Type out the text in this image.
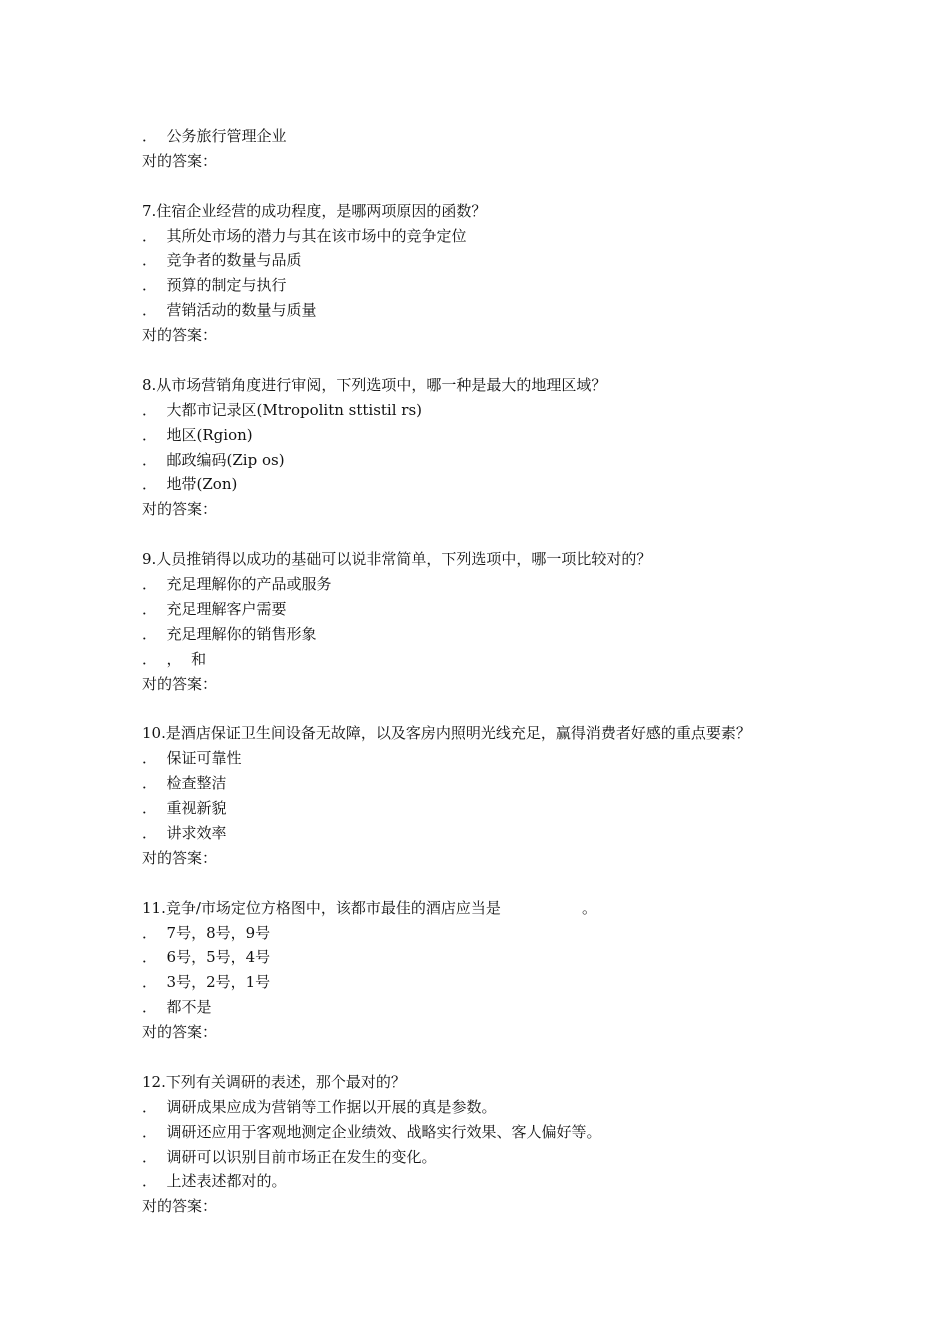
．  公务旅行管理企业
对的答案：
7.住宿企业经营的成功程度，是哪两项原因的函数？
．  其所处市场的潜力与其在该市场中的竞争定位
．  竞争者的数量与品质
．  预算的制定与执行
．  营销活动的数量与质量
对的答案：
8.从市场营销角度进行审阅，下列选项中，哪一种是最大的地理区域？
．  大都市记录区(Mtropolitn sttistil rs)
．  地区(Rgion)
．  邮政编码(Zip os)
．  地带(Zon)
对的答案：
9.人员推销得以成功的基础可以说非常简单，下列选项中，哪一项比较对的？
．  充足理解你的产品或服务
．  充足理解客户需要
．  充足理解你的销售形象
．  ，  和
对的答案：
10.是酒店保证卫生间设备无故障，以及客房内照明光线充足，赢得消费者好感的重点要素？
．  保证可靠性
．  检查整洁
．  重视新貌
．  讲求效率
对的答案：
11.竞争/市场定位方格图中，该都市最佳的酒店应当是                 。
．  7号，8号，9号
．  6号，5号，4号
．  3号，2号，1号
．  都不是
对的答案：
12.下列有关调研的表述，那个最对的？
．  调研成果应成为营销等工作据以开展的真是参数。
．  调研还应用于客观地测定企业绩效、战略实行效果、客人偏好等。
．  调研可以识别目前市场正在发生的变化。
．  上述表述都对的。
对的答案：
